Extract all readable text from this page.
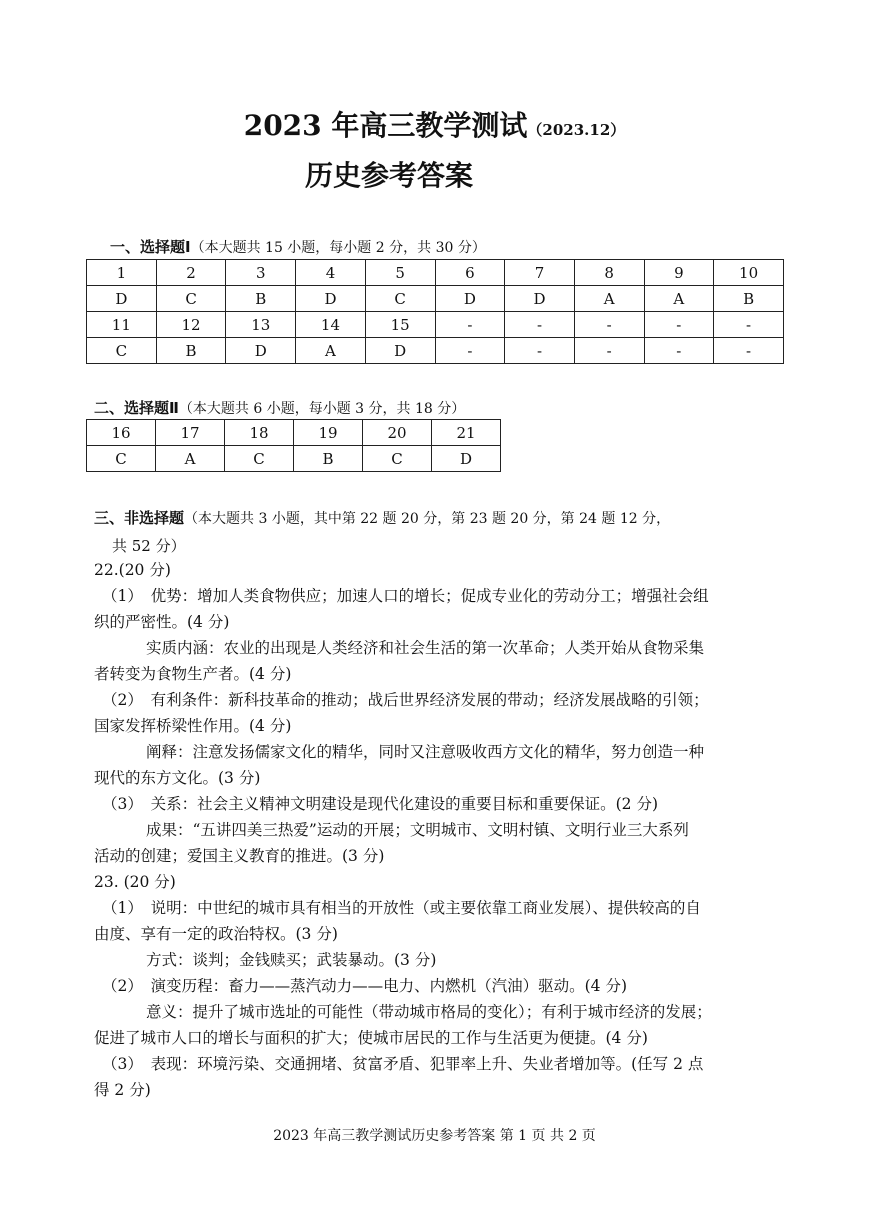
2023 年高三教学测试（2023.12）
历史参考答案
一、选择题Ⅰ（本大题共 15 小题，每小题 2 分，共 30 分）
1	2	3	4	5	6	7	8	9	10
D	C	B	D	C	D	D	A	A	B
11	12	13	14	15	-	-	-	-	-
C	B	D	A	D	-	-	-	-	-
二、选择题Ⅱ（本大题共 6 小题，每小题 3 分，共 18 分）
16	17	18	19	20	21
C	A	C	B	C	D
三、非选择题（本大题共 3 小题，其中第 22 题 20 分，第 23 题 20 分，第 24 题 12 分，
共 52 分）
22.(20 分)
（1）　优势：增加人类食物供应；加速人口的增长；促成专业化的劳动分工；增强社会组
织的严密性。(4 分)
实质内涵：农业的出现是人类经济和社会生活的第一次革命；人类开始从食物采集
者转变为食物生产者。(4 分)
（2）　有利条件：新科技革命的推动；战后世界经济发展的带动；经济发展战略的引领；
国家发挥桥梁性作用。(4 分)
阐释：注意发扬儒家文化的精华，同时又注意吸收西方文化的精华，努力创造一种
现代的东方文化。(3 分)
（3）　关系：社会主义精神文明建设是现代化建设的重要目标和重要保证。(2 分)
成果：“五讲四美三热爱”运动的开展；文明城市、文明村镇、文明行业三大系列
活动的创建；爱国主义教育的推进。(3 分)
23. (20 分)
（1）　说明：中世纪的城市具有相当的开放性（或主要依靠工商业发展）、提供较高的自
由度、享有一定的政治特权。(3 分)
方式：谈判；金钱赎买；武装暴动。(3 分)
（2）　演变历程：畜力——蒸汽动力——电力、内燃机（汽油）驱动。(4 分)
意义：提升了城市选址的可能性（带动城市格局的变化）；有利于城市经济的发展；
促进了城市人口的增长与面积的扩大；使城市居民的工作与生活更为便捷。(4 分)
（3）　表现：环境污染、交通拥堵、贫富矛盾、犯罪率上升、失业者增加等。(任写 2 点
得 2 分)
2023 年高三教学测试历史参考答案 第 1 页 共 2 页
